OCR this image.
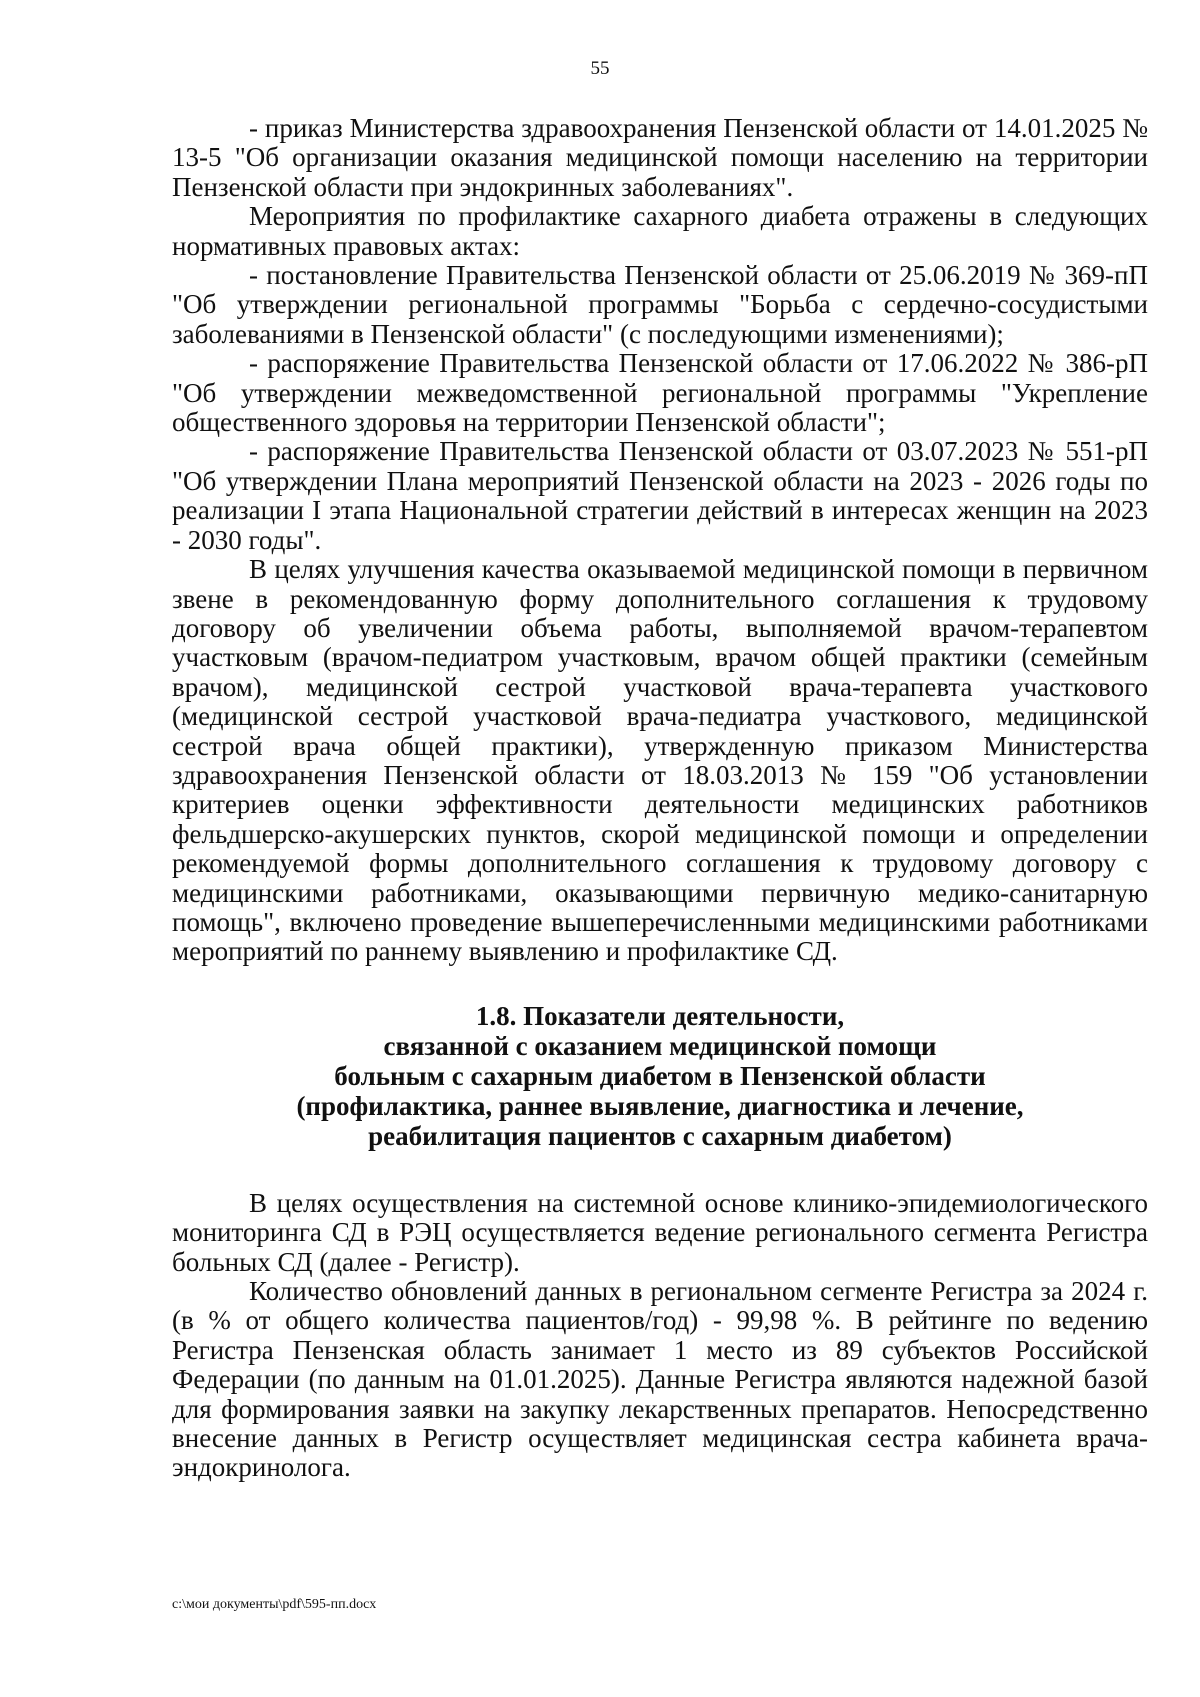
55

- приказ Министерства здравоохранения Пензенской области от 14.01.2025 № 13-5 "Об организации оказания медицинской помощи населению на территории Пензенской области при эндокринных заболеваниях".

Мероприятия по профилактике сахарного диабета отражены в следующих нормативных правовых актах:

- постановление Правительства Пензенской области от 25.06.2019 № 369-пП "Об утверждении региональной программы "Борьба с сердечно-сосудистыми заболеваниями в Пензенской области" (с последующими изменениями);

- распоряжение Правительства Пензенской области от 17.06.2022 № 386-рП "Об утверждении межведомственной региональной программы "Укрепление общественного здоровья на территории Пензенской области";

- распоряжение Правительства Пензенской области от 03.07.2023 № 551-рП "Об утверждении Плана мероприятий Пензенской области на 2023 - 2026 годы по реализации I этапа Национальной стратегии действий в интересах женщин на 2023 - 2030 годы".

В целях улучшения качества оказываемой медицинской помощи в первичном звене в рекомендованную форму дополнительного соглашения к трудовому договору об увеличении объема работы, выполняемой врачом-терапевтом участковым (врачом-педиатром участковым, врачом общей практики (семейным врачом), медицинской сестрой участковой врача-терапевта участкового (медицинской сестрой участковой врача-педиатра участкового, медицинской сестрой врача общей практики), утвержденную приказом Министерства здравоохранения Пензенской области от 18.03.2013 № 159 "Об установлении критериев оценки эффективности деятельности медицинских работников фельдшерско-акушерских пунктов, скорой медицинской помощи и определении рекомендуемой формы дополнительного соглашения к трудовому договору с медицинскими работниками, оказывающими первичную медико-санитарную помощь", включено проведение вышеперечисленными медицинскими работниками мероприятий по раннему выявлению и профилактике СД.

1.8. Показатели деятельности,
связанной с оказанием медицинской помощи
больным с сахарным диабетом в Пензенской области
(профилактика, раннее выявление, диагностика и лечение,
реабилитация пациентов с сахарным диабетом)

В целях осуществления на системной основе клинико-эпидемиологического мониторинга СД в РЭЦ осуществляется ведение регионального сегмента Регистра больных СД (далее - Регистр).

Количество обновлений данных в региональном сегменте Регистра за 2024 г. (в % от общего количества пациентов/год) - 99,98 %. В рейтинге по ведению Регистра Пензенская область занимает 1 место из 89 субъектов Российской Федерации (по данным на 01.01.2025). Данные Регистра являются надежной базой для формирования заявки на закупку лекарственных препаратов. Непосредственно внесение данных в Регистр осуществляет медицинская сестра кабинета врача-эндокринолога.

c:\мои документы\pdf\595-пп.docx
